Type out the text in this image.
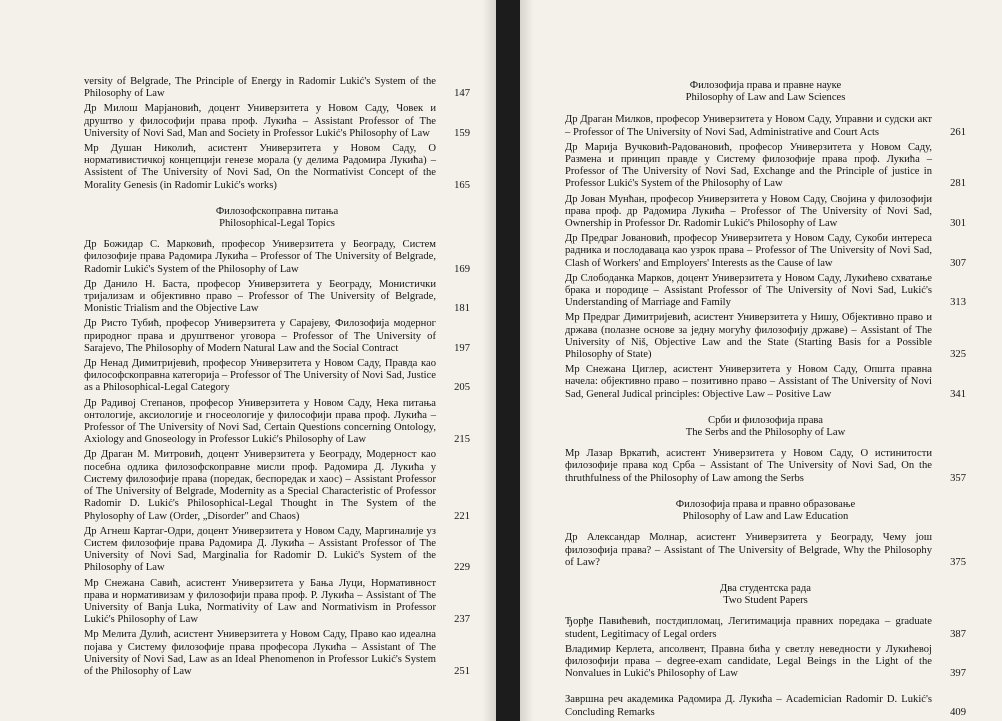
versity of Belgrade, The Principle of Energy in Radomir Lukić's System of the Philosophy of Law	147
Др Милош Марјановић, доцент Универзитета у Новом Саду, Човек и друштво у философији права проф. Лукића – Assistant Professor of The University of Novi Sad, Man and Society in Professor Lukić's Philosophy of Law	159
Мр Душан Николић, асистент Универзитета у Новом Саду, О нормативистичкој концепцији генезе морала (у делима Радомира Лукића) – Assistent of The University of Novi Sad, On the Normativist Concept of the Morality Genesis (in Radomir Lukić's works)	165
Филозофскоправна питања
Philosophical-Legal Topics
Др Божидар С. Марковић, професор Универзитета у Београду, Систем филозофије права Радомира Лукића – Professor of The University of Belgrade, Radomir Lukić's System of the Philosophy of Law	169
Др Данило Н. Баста, професор Универзитета у Београду, Монистички тријализам и објективно право – Professor of The University of Belgrade, Monistic Trialism and the Objective Law	181
Др Ристо Тубић, професор Универзитета у Сарајеву, Филозофија модерног природног права и друштвеног уговора – Professor of The University of Sarajevo, The Philosophy of Modern Natural Law and the Social Contract	197
Др Ненад Димитријевић, професор Универзитета у Новом Саду, Правда као философскоправна категорија – Professor of The University of Novi Sad, Justice as a Philosophical-Legal Category	205
Др Радивој Степанов, професор Универзитета у Новом Саду, Нека питања онтологије, аксиологије и гносеологије у философији права проф. Лукића – Professor of The University of Novi Sad, Certain Questions concerning Ontology, Axiology and Gnoseology in Professor Lukić's Philosophy of Law	215
Др Драган М. Митровић, доцент Универзитета у Београду, Модерност као посебна одлика филозофскоправне мисли проф. Радомира Д. Лукића у Систему филозофије права (поредак, беспоредак и хаос) – Assistant Professor of The University of Belgrade, Modernity as a Special Characteristic of Professor Radomir D. Lukić's Philosophical-Legal Thought in The System of the Phylosophy of Law (Order, „Disorder" and Chaos)	221
Др Агнеш Картаг-Одри, доцент Универзитета у Новом Саду, Маргиналије уз Систем филозофије права Радомира Д. Лукића – Assistant Professor of The University of Novi Sad, Marginalia for Radomir D. Lukić's System of the Philosophy of Law	229
Мр Снежана Савић, асистент Универзитета у Бања Луци, Нормативност права и нормативизам у филозофији права проф. Р. Лукића – Assistant of The University of Banja Luka, Normativity of Law and Normativism in Professor Lukić's Philosophy of Law	237
Мр Мелита Дулић, асистент Универзитета у Новом Саду, Право као идеална појава у Систему филозофије права професора Лукића – Assistant of The University of Novi Sad, Law as an Ideal Phenomenon in Professor Lukić's System of the Philosophy of Law	251
Филозофија права и правне науке
Philosophy of Law and Law Sciences
Др Драган Милков, професор Универзитета у Новом Саду, Управни и судски акт – Professor of The University of Novi Sad, Administrative and Court Acts	261
Др Марија Вучковић-Радовановић, професор Универзитета у Новом Саду, Размена и принцип правде у Систему филозофије права проф. Лукића – Professor of The University of Novi Sad, Exchange and the Principle of justice in Professor Lukić's System of the Philosophy of Law	281
Др Јован Мунћан, професор Универзитета у Новом Саду, Својина у филозофији права проф. др Радомира Лукића – Professor of The University of Novi Sad, Ownership in Professor Dr. Radomir Lukić's Philosophy of Law	301
Др Предраг Јовановић, професор Универзитета у Новом Саду, Сукоби интереса радника и послодаваца као узрок права – Professor of The University of Novi Sad, Clash of Workers' and Employers' Interests as the Cause of law	307
Др Слободанка Марков, доцент Универзитета у Новом Саду, Лукићево схватање брака и породице – Assistant Professor of The University of Novi Sad, Lukić's Understanding of Marriage and Family	313
Мр Предраг Димитријевић, асистент Универзитета у Нишу, Објективно право и држава (полазне основе за једну могућу филозофију државе) – Assistant of The University of Niš, Objective Law and the State (Starting Basis for a Possible Philosophy of State)	325
Мр Снежана Циглер, асистент Универзитета у Новом Саду, Општа правна начела: објективно право – позитивно право – Assistant of The University of Novi Sad, General Judical principles: Objective Law – Positive Law	341
Срби и филозофија права
The Serbs and the Philosophy of Law
Мр Лазар Вркатић, асистент Универзитета у Новом Саду, О истинитости филозофије права код Срба – Assistant of The University of Novi Sad, On the thruthfulness of the Philosophy of Law among the Serbs	357
Филозофија права и правно образовање
Philosophy of Law and Law Education
Др Александар Молнар, асистент Универзитета у Београду, Чему још филозофија права? – Assistant of The University of Belgrade, Why the Philosophy of Law?	375
Два студентска рада
Two Student Papers
Ђорђе Павићевић, постдипломац, Легитимација правних поредака – graduate student, Legitimacy of Legal orders	387
Владимир Керлета, апсолвент, Правна бића у светлу неведности у Лукићевој филозофији права – degree-exam candidate, Legal Beings in the Light of the Nonvalues in Lukić's Philosophy of Law	397
Завршна реч академика Радомира Д. Лукића – Academician Radomir D. Lukić's Concluding Remarks	409
